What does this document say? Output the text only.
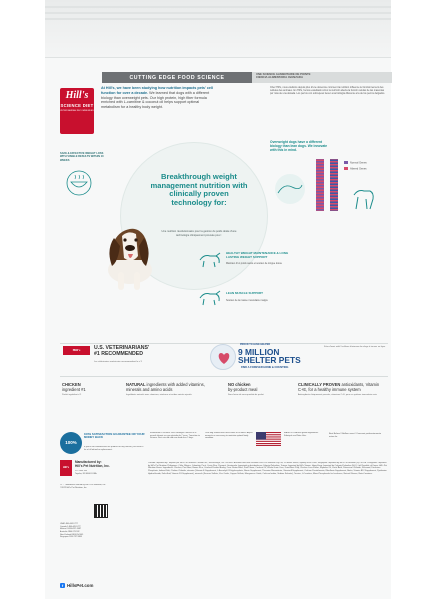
CUTTING EDGE FOOD SCIENCE
UNE SCIENCE ALIMENTAIRE DE POINTE
CIENCIA ALIMENTARIA AVANZADA
Hill's
SCIENCE DIET
VETERINARIAN RECOMMENDED
At Hill's, we have been studying how nutrition impacts pets' cell function for over a decade. We learned that dogs with a different biology than overweight pets. Our high protein, high fiber formula enriched with L-carnitine & coconut oil helps support optimal metabolism for a healthy body weight.
Chez Hill's, nous étudions depuis plus d'une décennie comment la nutrition influence le fonctionnement des cellules des animaux. En Hill's, hemos estudiado cómo la nutrición afecta la función celular de las mascotas por más de una década. Los perros con sobrepeso tienen una biología diferente a la de los perros delgados.
SAFE & EFFECTIVE WEIGHT LOSS WITH VISIBLE RESULTS WITHIN 10 WEEKS
Breakthrough weight management nutrition with clinically proven technology for:
Une nutrition révolutionnaire pour la gestion du poids dotée d'une technologie cliniquement prouvée pour :
Overweight dogs have a different biology than lean dogs. We innovate with this in mind.
Normal Genes
Altered Genes
HEALTHY WEIGHT MAINTENANCE & LONG LASTING WEIGHT SUPPORT
Maintien d'un poids santé et soutien de longue durée
LEAN MUSCLE SUPPORT
Soutien de la masse musculaire maigre
Hill's	U.S. VETERINARIANS'
#1 RECOMMENDED
Les vétérinaires américains recommandent le n°1
PROUD TO HAVE HELPED
9 MILLION
SHELTER PETS
FIND A FOREVER HOME & COUNTING
Fière d'avoir aidé 9 millions d'animaux de refuge à trouver un foyer
CHICKEN
ingredient #1
Poulet ingrédient n°1
NATURAL ingredients with added vitamins, minerals and amino acids
Ingrédients naturels avec vitamines, minéraux et acides aminés ajoutés
NO chicken
by-product meal
Sans farine de sous-produits de poulet
CLINICALLY PROVEN antioxidants, Vitamin C+E, for a healthy immune system
Antioxydants cliniquement prouvés, vitamines C+E, pour un système immunitaire sain
100%
100% SATISFACTION GUARANTEE OR YOUR MONEY BACK
If you're not satisfied with our product for any reason, just return it for a full refund or replacement.
Introduction à Science Diet: mélangez l'ancien et le nouvel aliment sur une période de 7 jours. Transition to Science Diet: mix old and new food over 7 days.
Your dog should have fresh water at all times. Adjust amounts as necessary to maintain optimal body condition.
MADE IN USA with global ingredients. Fabriqué aux États-Unis.
Best Before / Meilleur avant / Consumir preferentemente antes de:
Hill's
Manufactured by:
Hill's Pet Nutrition, Inc.
P.O. Box 148
Topeka, KS 66601 USA
®/™ Trademarks owned by Hill's Pet Nutrition, Inc. ©2022 Hill's Pet Nutrition, Inc.
USA 1-800-445-5777
Canada 1-800-445-5777
México 01-800-237-5487
Australia 1800 679 932
New Zealand 0800 654 445
Singapore 1800 737 9888
Canada: Imported by / Importé par Hill's Pet Nutrition Canada Inc., Mississauga, ON L5N 0E9. Australia and New Zealand: Hill's Pet Nutrition Pty Ltd, 15 Moore Street, Sydney NSW 2000. Singapore: Imported by Hill's Pet Nutrition (S) Pte Ltd. Philippines: Imported by Hill's Pet Nutrition Philippines. Chile, México, Colombia, Perú, Costa Rica, Panamá, Guatemala: Importado y distribuido por Colgate-Palmolive. Taiwan: Imported by Hill's Taiwan. Hong Kong: Imported by Colgate-Palmolive (H.K.) Ltd. Republic of Korea: Hill's Pet Nutrition Korea. Ingredients: Chicken, Pea Fiber, Brown Rice, Cracked Pearled Barley, Corn Gluten Meal, Pork Flavor, Coconut Oil, Whole Grain Corn, Dried Beet Pulp, Chicken Liver Flavor, Soybean Oil, Lactic Acid, Potassium Chloride, Flaxseed, Dicalcium Phosphate, Iodized Salt, Choline Chloride, vitamins (Vitamin E Supplement, L-Ascorbyl-2-Polyphosphate, Niacin Supplement, Thiamine Mononitrate, Vitamin A Supplement, Calcium Pantothenate, Riboflavin Supplement, Biotin, Vitamin B12 Supplement, Pyridoxine Hydrochloride, Folic Acid, Vitamin D3 Supplement), minerals (Ferrous Sulfate, Zinc Oxide, Copper Sulfate, Manganous Oxide, Calcium Iodate, Sodium Selenite), Taurine, L-Carnitine, Mixed Tocopherols for freshness, Natural Flavors, Beta-Carotene.
f HillsPet.com
